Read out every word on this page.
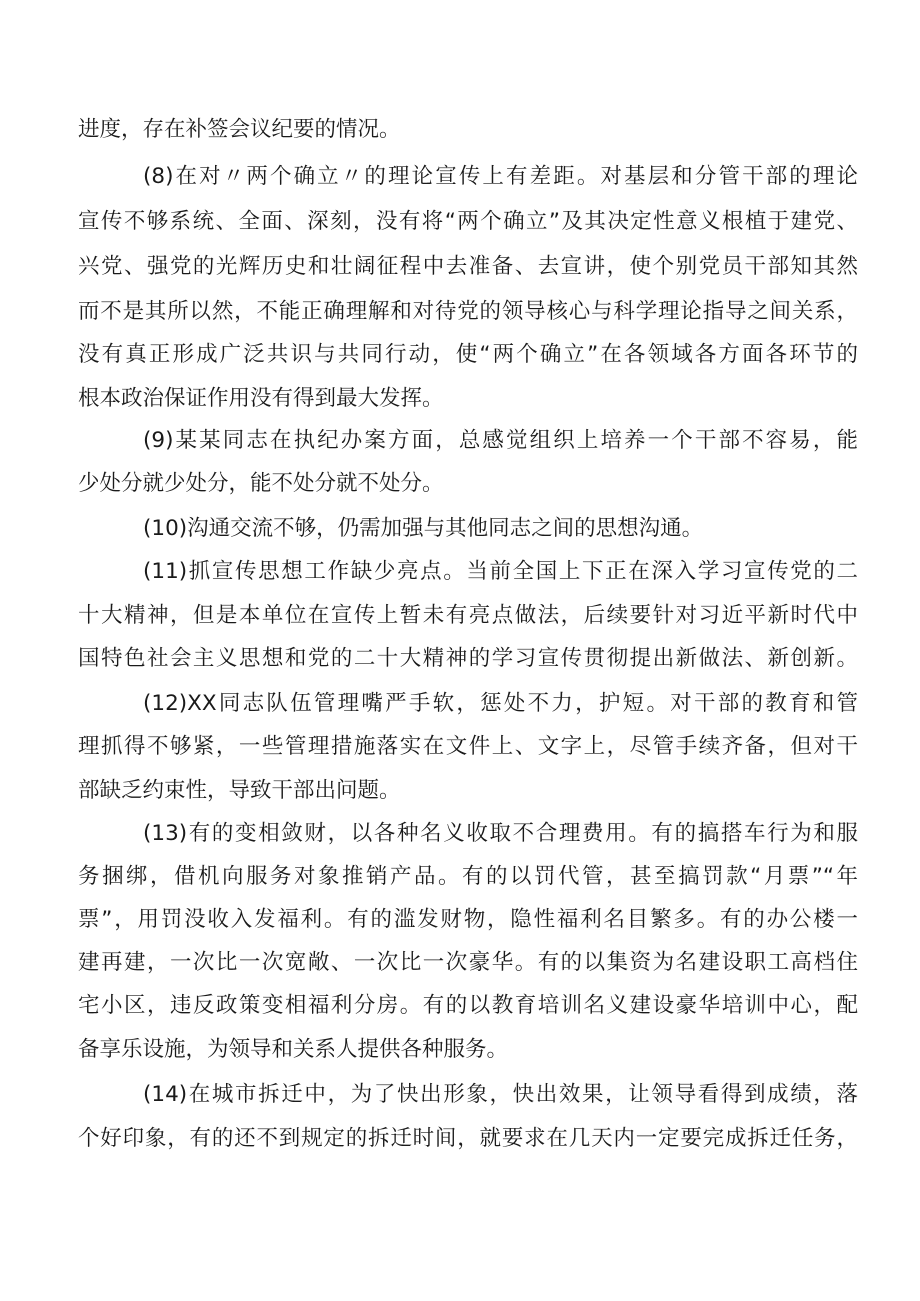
进度，存在补签会议纪要的情况。
(8)在对〃两个确立〃的理论宣传上有差距。对基层和分管干部的理论
宣传不够系统、全面、深刻，没有将“两个确立”及其决定性意义根植于建党、
兴党、强党的光辉历史和壮阔征程中去准备、去宣讲，使个别党员干部知其然
而不是其所以然，不能正确理解和对待党的领导核心与科学理论指导之间关系，
没有真正形成广泛共识与共同行动，使“两个确立”在各领域各方面各环节的
根本政治保证作用没有得到最大发挥。
(9)某某同志在执纪办案方面，总感觉组织上培养一个干部不容易，能
少处分就少处分，能不处分就不处分。
(10)沟通交流不够，仍需加强与其他同志之间的思想沟通。
(11)抓宣传思想工作缺少亮点。当前全国上下正在深入学习宣传党的二
十大精神，但是本单位在宣传上暂未有亮点做法，后续要针对习近平新时代中
国特色社会主义思想和党的二十大精神的学习宣传贯彻提出新做法、新创新。
(12)XX同志队伍管理嘴严手软，惩处不力，护短。对干部的教育和管
理抓得不够紧，一些管理措施落实在文件上、文字上，尽管手续齐备，但对干
部缺乏约束性，导致干部出问题。
(13)有的变相敛财，以各种名义收取不合理费用。有的搞搭车行为和服
务捆绑，借机向服务对象推销产品。有的以罚代管，甚至搞罚款“月票”“年
票”，用罚没收入发福利。有的滥发财物，隐性福利名目繁多。有的办公楼一
建再建，一次比一次宽敞、一次比一次豪华。有的以集资为名建设职工高档住
宅小区，违反政策变相福利分房。有的以教育培训名义建设豪华培训中心，配
备享乐设施，为领导和关系人提供各种服务。
(14)在城市拆迁中，为了快出形象，快出效果，让领导看得到成绩，落
个好印象，有的还不到规定的拆迁时间，就要求在几天内一定要完成拆迁任务，
